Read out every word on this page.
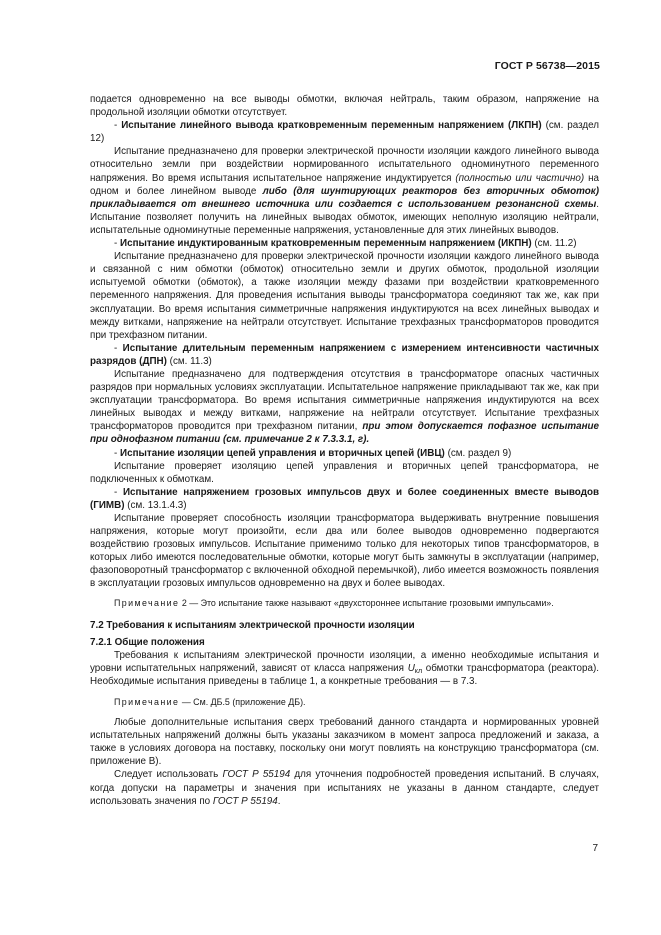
ГОСТ Р 56738—2015

подается одновременно на все выводы обмотки, включая нейтраль, таким образом, напряжение на продольной изоляции обмотки отсутствует.

- Испытание линейного вывода кратковременным переменным напряжением (ЛКПН) (см. раздел 12)

Испытание предназначено для проверки электрической прочности изоляции каждого линейного вывода относительно земли при воздействии нормированного испытательного одноминутного переменного напряжения. Во время испытания испытательное напряжение индуктируется (полностью или частично) на одном и более линейном выводе либо (для шунтирующих реакторов без вторичных обмоток) прикладывается от внешнего источника или создается с использованием резонансной схемы. Испытание позволяет получить на линейных выводах обмоток, имеющих неполную изоляцию нейтрали, испытательные одноминутные переменные напряжения, установленные для этих линейных выводов.

- Испытание индуктированным кратковременным переменным напряжением (ИКПН) (см. 11.2)

Испытание предназначено для проверки электрической прочности изоляции каждого линейного вывода и связанной с ним обмотки (обмоток) относительно земли и других обмоток, продольной изоляции испытуемой обмотки (обмоток), а также изоляции между фазами при воздействии кратковременного переменного напряжения. Для проведения испытания выводы трансформатора соединяют так же, как при эксплуатации. Во время испытания симметричные напряжения индуктируются на всех линейных выводах и между витками, напряжение на нейтрали отсутствует. Испытание трехфазных трансформаторов проводится при трехфазном питании.

- Испытание длительным переменным напряжением с измерением интенсивности частичных разрядов (ДПН) (см. 11.3)

Испытание предназначено для подтверждения отсутствия в трансформаторе опасных частичных разрядов при нормальных условиях эксплуатации. Испытательное напряжение прикладывают так же, как при эксплуатации трансформатора. Во время испытания симметричные напряжения индуктируются на всех линейных выводах и между витками, напряжение на нейтрали отсутствует. Испытание трехфазных трансформаторов проводится при трехфазном питании, при этом допускается пофазное испытание при однофазном питании (см. примечание 2 к 7.3.3.1, г).

- Испытание изоляции цепей управления и вторичных цепей (ИВЦ) (см. раздел 9)

Испытание проверяет изоляцию цепей управления и вторичных цепей трансформатора, не подключенных к обмоткам.

- Испытание напряжением грозовых импульсов двух и более соединенных вместе выводов (ГИМВ) (см. 13.1.4.3)

Испытание проверяет способность изоляции трансформатора выдерживать внутренние повышения напряжения, которые могут произойти, если два или более выводов одновременно подвергаются воздействию грозовых импульсов. Испытание применимо только для некоторых типов трансформаторов, в которых либо имеются последовательные обмотки, которые могут быть замкнуты в эксплуатации (например, фазоповоротный трансформатор с включенной обходной перемычкой), либо имеется возможность появления в эксплуатации грозовых импульсов одновременно на двух и более выводах.

Примечание 2 — Это испытание также называют «двухстороннее испытание грозовыми импульсами».

7.2 Требования к испытаниям электрической прочности изоляции

7.2.1 Общие положения

Требования к испытаниям электрической прочности изоляции, а именно необходимые испытания и уровни испытательных напряжений, зависят от класса напряжения $U_{кл}$ обмотки трансформатора (реактора). Необходимые испытания приведены в таблице 1, а конкретные требования — в 7.3.

Примечание — См. ДБ.5 (приложение ДБ).

Любые дополнительные испытания сверх требований данного стандарта и нормированных уровней испытательных напряжений должны быть указаны заказчиком в момент запроса предложений и заказа, а также в условиях договора на поставку, поскольку они могут повлиять на конструкцию трансформатора (см. приложение В).

Следует использовать ГОСТ Р 55194 для уточнения подробностей проведения испытаний. В случаях, когда допуски на параметры и значения при испытаниях не указаны в данном стандарте, следует использовать значения по ГОСТ Р 55194.

7
